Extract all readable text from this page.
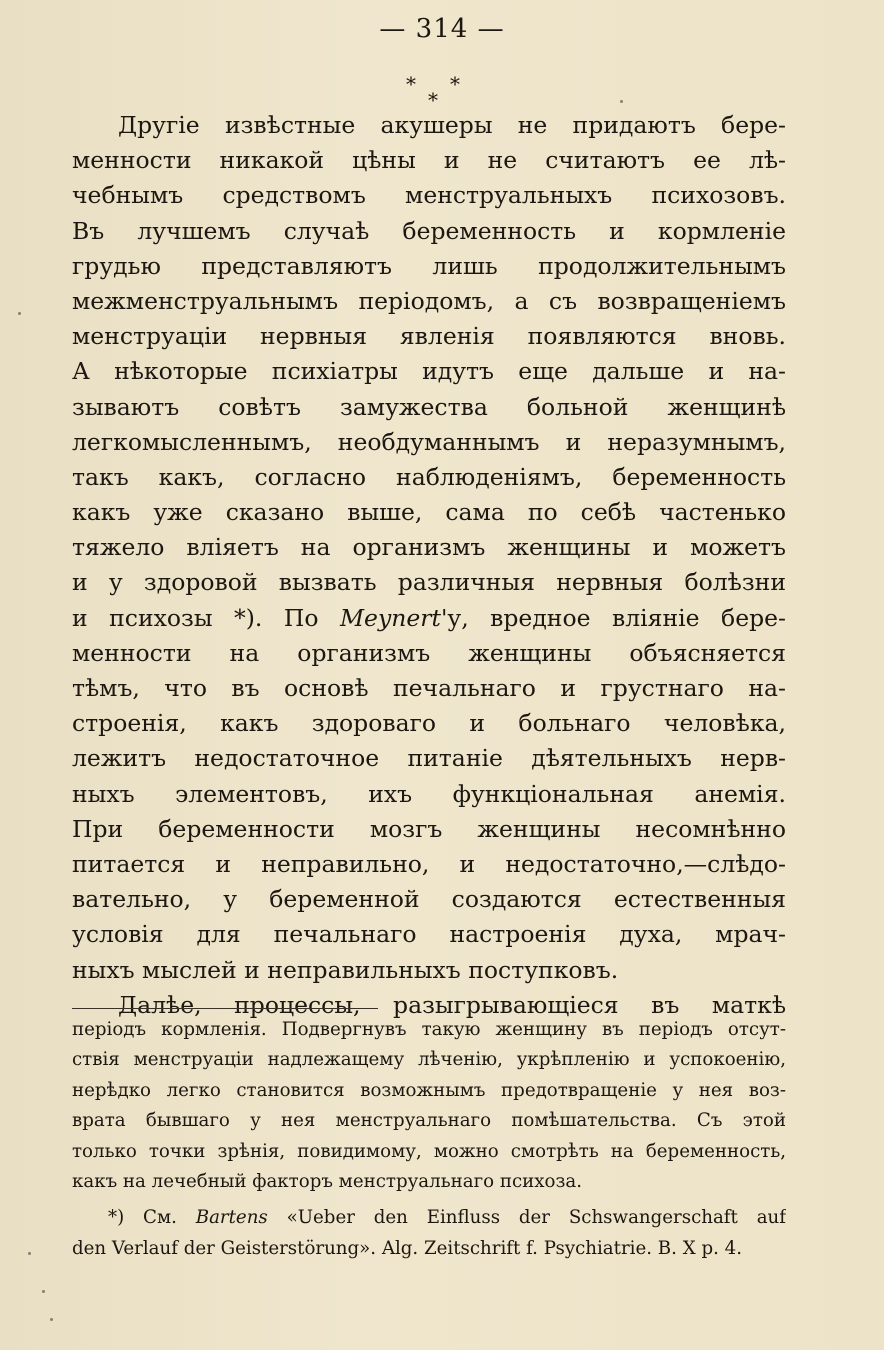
— 314 —
* *
*
Другіе извѣстные акушеры не придаютъ бере-
менности никакой цѣны и не считаютъ ее лѣ-
чебнымъ средствомъ менструальныхъ психозовъ.
Въ лучшемъ случаѣ беременность и кормленіе
грудью представляютъ лишь продолжительнымъ
межменструальнымъ періодомъ, а съ возвращеніемъ
менструаціи нервныя явленія появляются вновь.
А нѣкоторые психіатры идутъ еще дальше и на-
зываютъ совѣтъ замужества больной женщинѣ
легкомысленнымъ, необдуманнымъ и неразумнымъ,
такъ какъ, согласно наблюденіямъ, беременность
какъ уже сказано выше, сама по себѣ частенько
тяжело вліяетъ на организмъ женщины и можетъ
и у здоровой вызвать различныя нервныя болѣзни
и психозы *). По Meynert'у, вредное вліяніе бере-
менности на организмъ женщины объясняется
тѣмъ, что въ основѣ печальнаго и грустнаго на-
строенія, какъ здороваго и больнаго человѣка,
лежитъ недостаточное питаніе дѣятельныхъ нерв-
ныхъ элементовъ, ихъ функціональная анемія.
При беременности мозгъ женщины несомнѣнно
питается и неправильно, и недостаточно,—слѣдо-
вательно, у беременной создаются естественныя
условія для печальнаго настроенія духа, мрач-
ныхъ мыслей и неправильныхъ поступковъ.
Далѣе, процессы, разыгрывающіеся въ маткѣ
періодъ кормленія. Подвергнувъ такую женщину въ періодъ отсут-
ствія менструаціи надлежащему лѣченію, укрѣпленію и успокоенію,
нерѣдко легко становится возможнымъ предотвращеніе у нея воз-
врата бывшаго у нея менструальнаго помѣшательства. Съ этой
только точки зрѣнія, повидимому, можно смотрѣть на беременность,
какъ на лечебный факторъ менструальнаго психоза.
*) См. Bartens «Ueber den Einfluss der Schswangerschaft auf
den Verlauf der Geisterstörung». Alg. Zeitschrift f. Psychiatrie. B. X p. 4.
